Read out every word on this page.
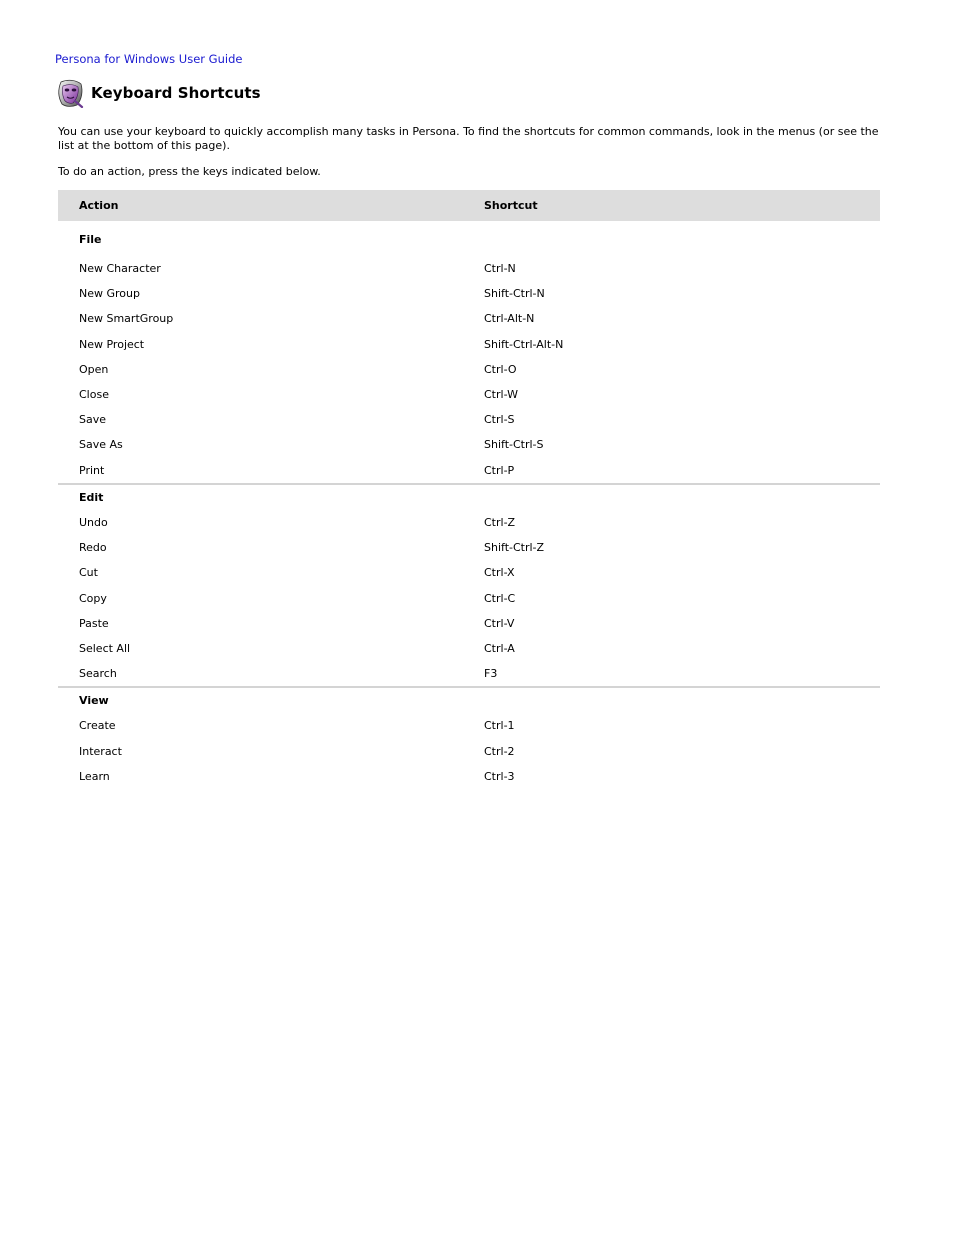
Persona for Windows User Guide
Keyboard Shortcuts

You can use your keyboard to quickly accomplish many tasks in Persona. To find the shortcuts for common commands, look in the menus (or see the list at the bottom of this page).

To do an action, press the keys indicated below.

Action	Shortcut
File	
New Character	Ctrl-N
New Group	Shift-Ctrl-N
New SmartGroup	Ctrl-Alt-N
New Project	Shift-Ctrl-Alt-N
Open	Ctrl-O
Close	Ctrl-W
Save	Ctrl-S
Save As	Shift-Ctrl-S
Print	Ctrl-P
Edit	
Undo	Ctrl-Z
Redo	Shift-Ctrl-Z
Cut	Ctrl-X
Copy	Ctrl-C
Paste	Ctrl-V
Select All	Ctrl-A
Search	F3
View	
Create	Ctrl-1
Interact	Ctrl-2
Learn	Ctrl-3
